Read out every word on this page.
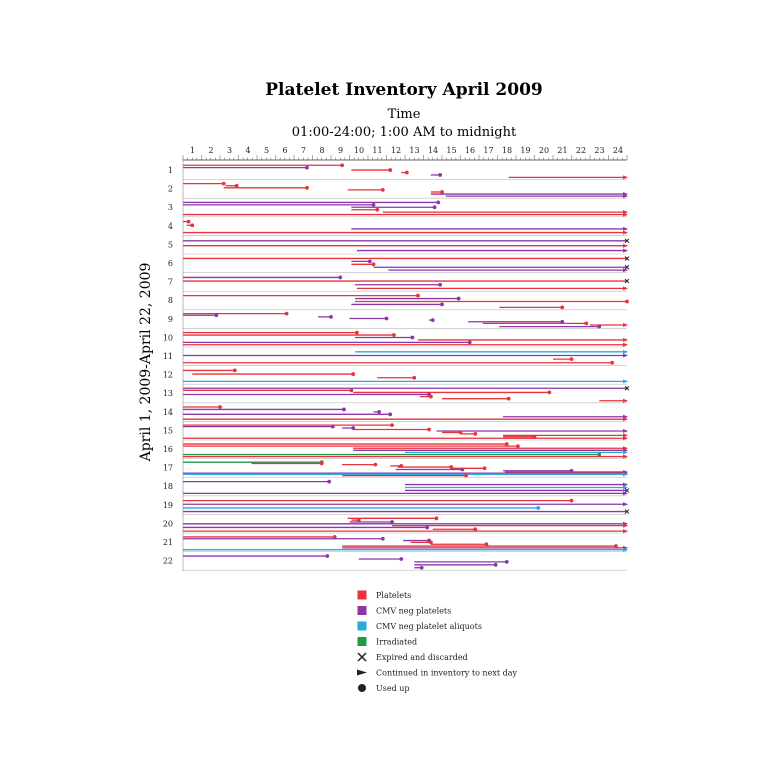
Platelet Inventory April 2009
Time
01:00-24:00; 1:00 AM to midnight
April 1, 2009-April 22, 2009
1 2 3 4 5 6 7 8 9 10 11 12 13 14 15 16 17 18 19 20 21 22 23 24
1
2
3
4
5
6
7
8
9
10
11
12
13
14
15
16
17
18
19
20
21
22
Platelets
CMV neg platelets
CMV neg platelet aliquots
Irradiated
Expired and discarded
Continued in inventory to next day
Used up
